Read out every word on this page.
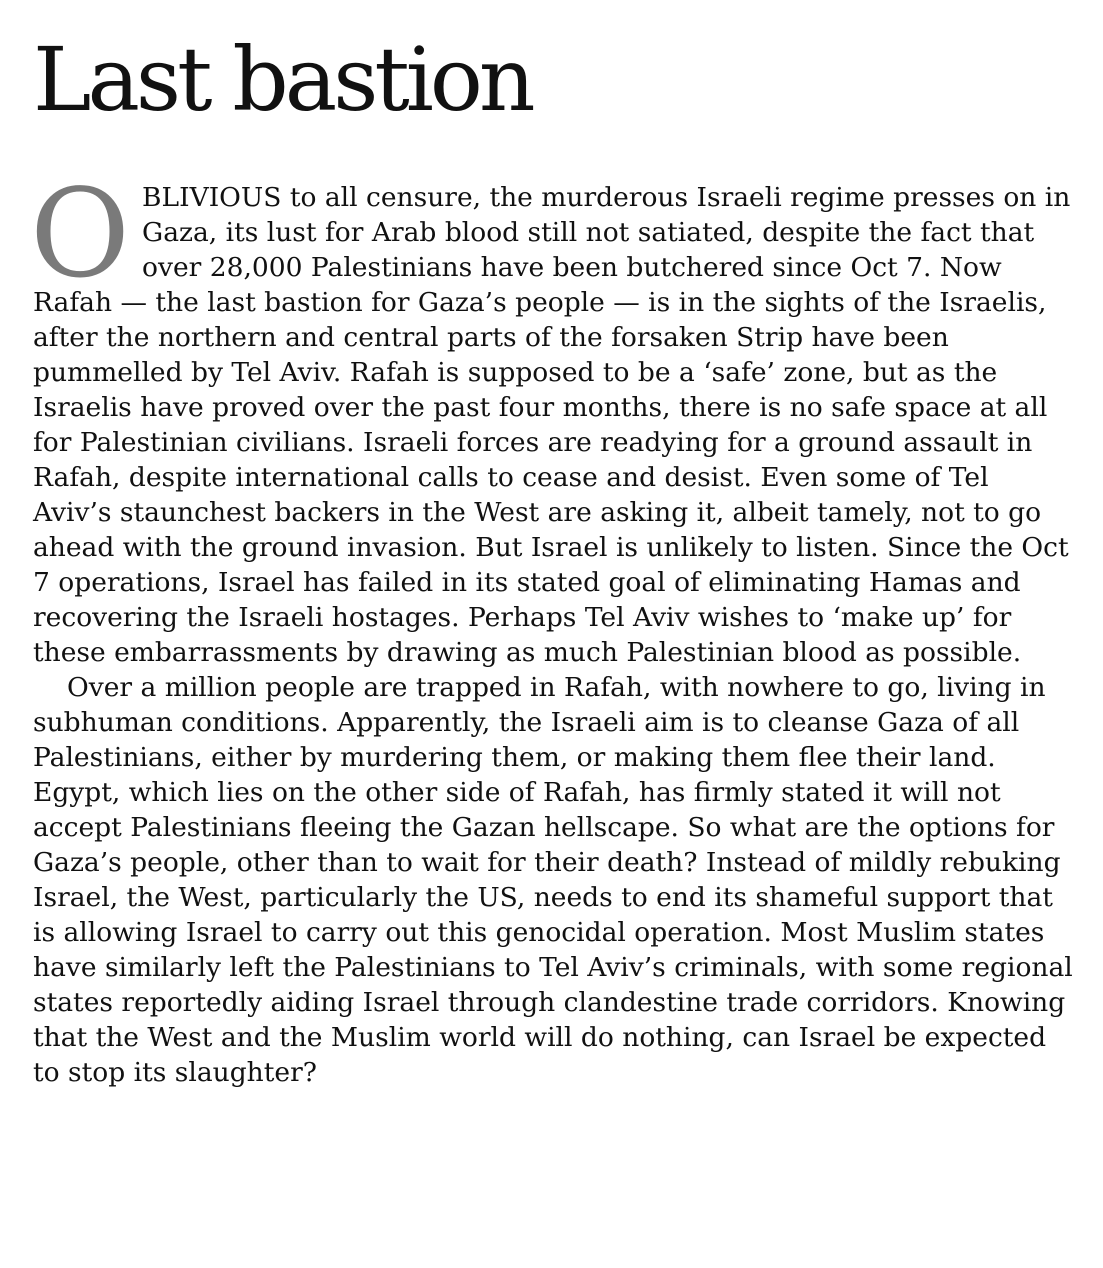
Last bastion

OBLIVIOUS to all censure, the murderous Israeli regime presses on in Gaza, its lust for Arab blood still not satiated, despite the fact that over 28,000 Palestinians have been butchered since Oct 7. Now Rafah — the last bastion for Gaza’s people — is in the sights of the Israelis, after the northern and central parts of the forsaken Strip have been pummelled by Tel Aviv. Rafah is supposed to be a ‘safe’ zone, but as the Israelis have proved over the past four months, there is no safe space at all for Palestinian civilians. Israeli forces are readying for a ground assault in Rafah, despite international calls to cease and desist. Even some of Tel Aviv’s staunchest backers in the West are asking it, albeit tamely, not to go ahead with the ground invasion. But Israel is unlikely to listen. Since the Oct 7 operations, Israel has failed in its stated goal of eliminating Hamas and recovering the Israeli hostages. Perhaps Tel Aviv wishes to ‘make up’ for these embarrassments by drawing as much Palestinian blood as possible.

Over a million people are trapped in Rafah, with nowhere to go, living in subhuman conditions. Apparently, the Israeli aim is to cleanse Gaza of all Palestinians, either by murdering them, or making them flee their land. Egypt, which lies on the other side of Rafah, has firmly stated it will not accept Palestinians fleeing the Gazan hellscape. So what are the options for Gaza’s people, other than to wait for their death? Instead of mildly rebuking Israel, the West, particularly the US, needs to end its shameful support that is allowing Israel to carry out this genocidal operation. Most Muslim states have similarly left the Palestinians to Tel Aviv’s criminals, with some regional states reportedly aiding Israel through clandestine trade corridors. Knowing that the West and the Muslim world will do nothing, can Israel be expected to stop its slaughter?
